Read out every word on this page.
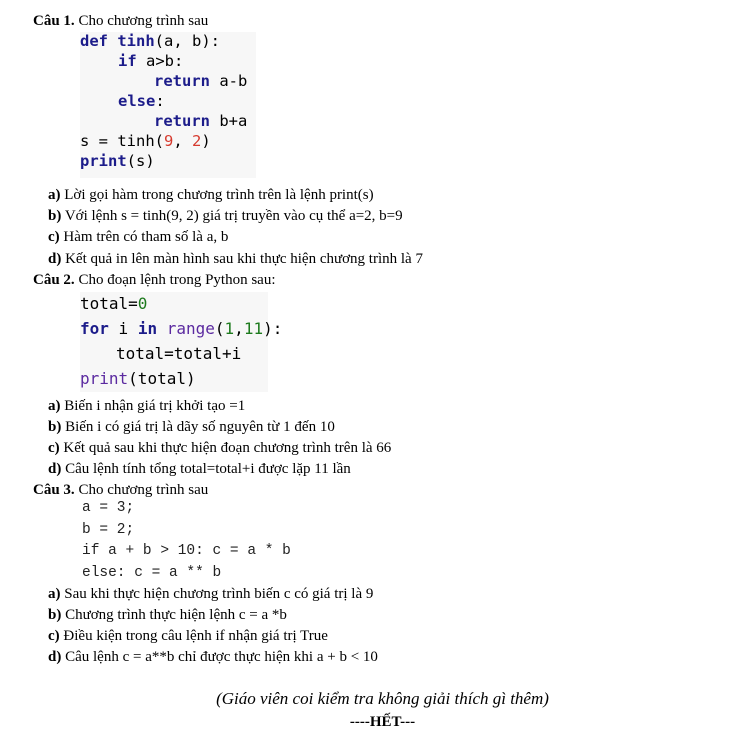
Câu 1. Cho chương trình sau
def tinh(a, b):
if a>b:
return a-b
else:
return b+a
s = tinh(9, 2)
print(s)
a) Lời gọi hàm trong chương trình trên là lệnh print(s)
b) Với lệnh s = tinh(9, 2) giá trị truyền vào cụ thể a=2, b=9
c) Hàm trên có tham số là a, b
d) Kết quả in lên màn hình sau khi thực hiện chương trình là 7
Câu 2. Cho đoạn lệnh trong Python sau:
total=0
for i in range(1,11):
total=total+i
print(total)
a) Biến i nhận giá trị khởi tạo =1
b) Biến i có giá trị là dãy số nguyên từ 1 đến 10
c) Kết quả sau khi thực hiện đoạn chương trình trên là 66
d) Câu lệnh tính tổng total=total+i được lặp 11 lần
Câu 3. Cho chương trình sau
a = 3;
b = 2;
if a + b > 10: c = a * b
else: c = a ** b
a) Sau khi thực hiện chương trình biến c có giá trị là 9
b) Chương trình thực hiện lệnh c = a *b
c) Điều kiện trong câu lệnh if nhận giá trị True
d) Câu lệnh c = a**b chỉ được thực hiện khi a + b < 10
(Giáo viên coi kiểm tra không giải thích gì thêm)
----HẾT---
